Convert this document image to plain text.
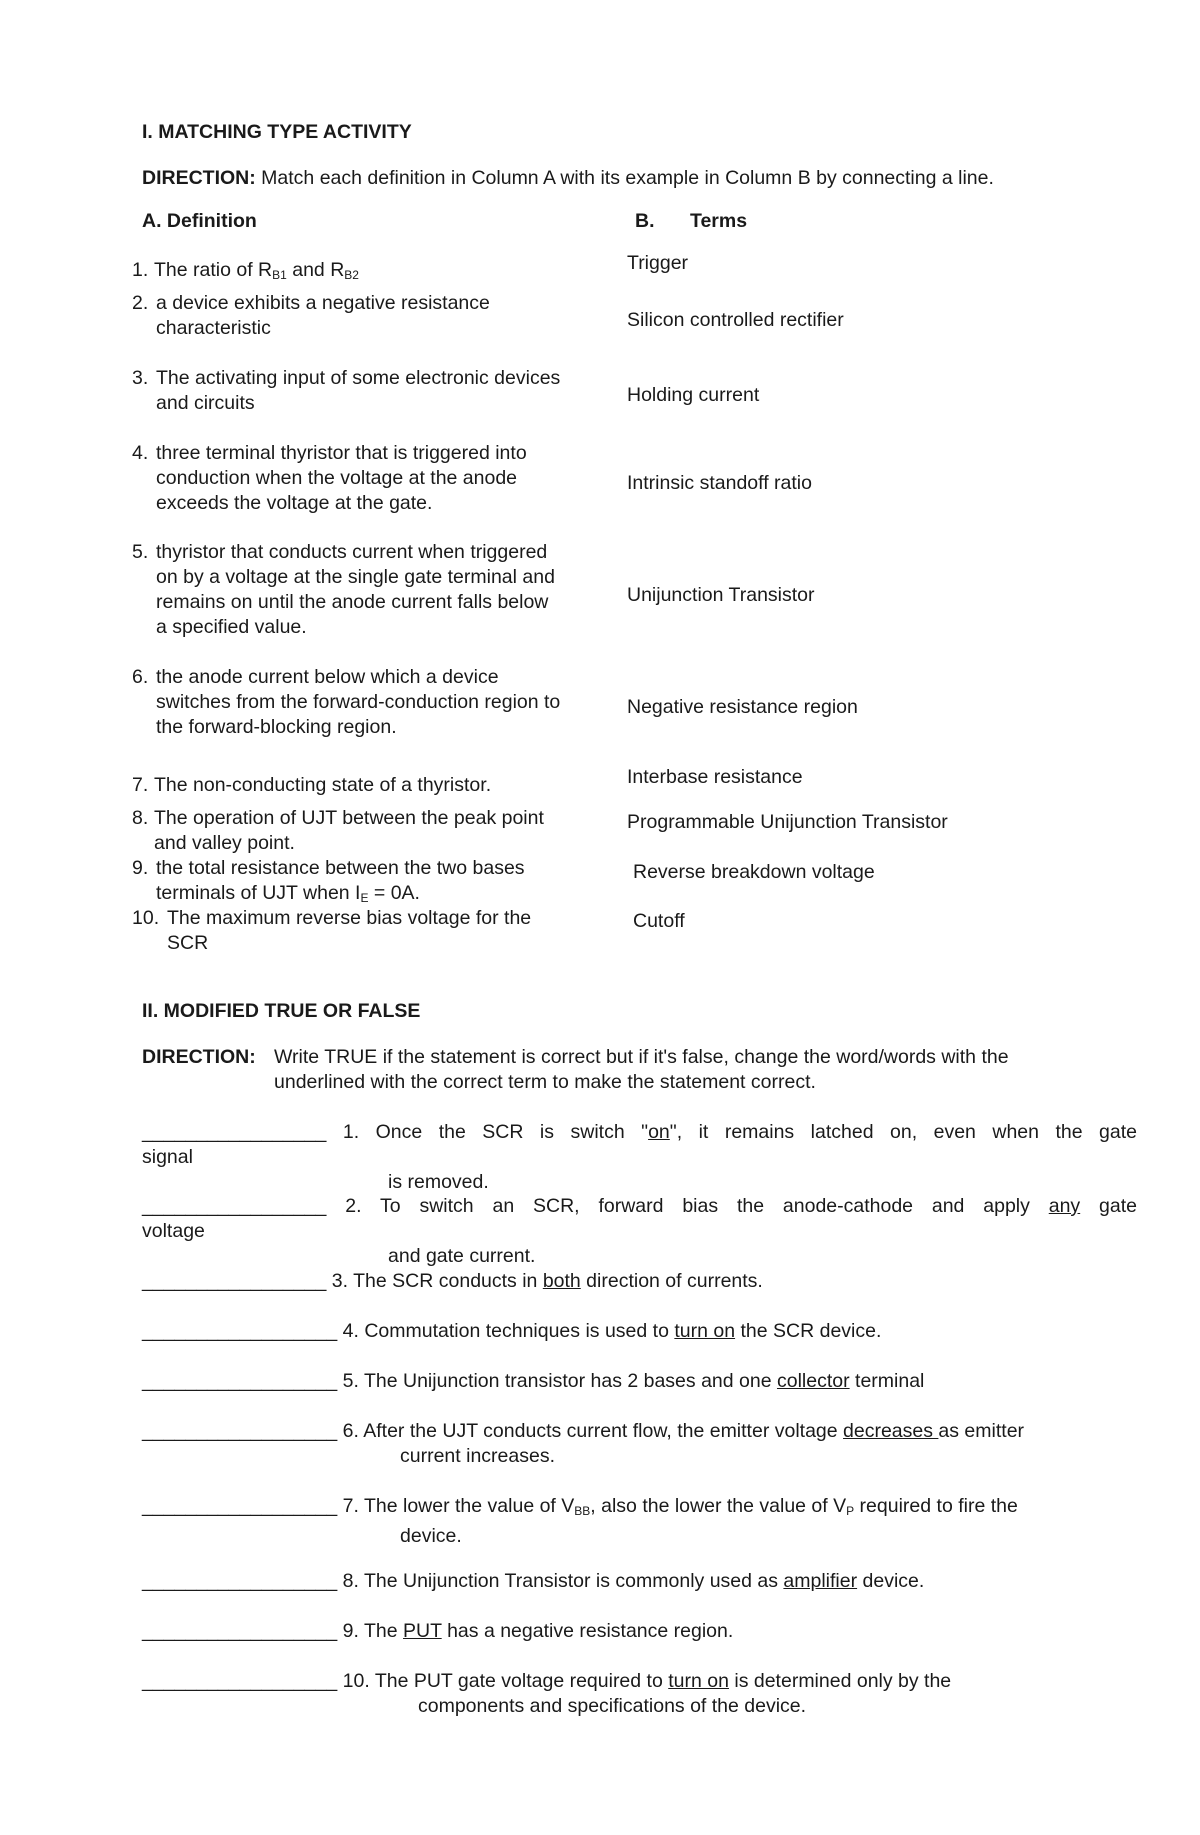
I. MATCHING TYPE ACTIVITY
DIRECTION: Match each definition in Column A with its example in Column B by connecting a line.
A. Definition	B. Terms
1. The ratio of $R_{B1}$ and $R_{B2}$
2. a device exhibits a negative resistance
characteristic
3. The activating input of some electronic devices
and circuits
4. three terminal thyristor that is triggered into
conduction when the voltage at the anode
exceeds the voltage at the gate.
5. thyristor that conducts current when triggered
on by a voltage at the single gate terminal and
remains on until the anode current falls below
a specified value.
6. the anode current below which a device
switches from the forward-conduction region to
the forward-blocking region.
7. The non-conducting state of a thyristor.
8. The operation of UJT between the peak point
and valley point.
9. the total resistance between the two bases
terminals of UJT when $I_E = 0A$.
10. The maximum reverse bias voltage for the
SCR
Trigger
Silicon controlled rectifier
Holding current
Intrinsic standoff ratio
Unijunction Transistor
Negative resistance region
Interbase resistance
Programmable Unijunction Transistor
Reverse breakdown voltage
Cutoff
II. MODIFIED TRUE OR FALSE
DIRECTION: Write TRUE if the statement is correct but if it's false, change the word/words with the
underlined with the correct term to make the statement correct.
_________________ 1. Once the SCR is switch "on", it remains latched on, even when the gate
signal
is removed.
_________________ 2. To switch an SCR, forward bias the anode-cathode and apply any gate
voltage
and gate current.
_________________ 3. The SCR conducts in both direction of currents.
__________________ 4. Commutation techniques is used to turn on the SCR device.
__________________ 5. The Unijunction transistor has 2 bases and one collector terminal
__________________ 6. After the UJT conducts current flow, the emitter voltage decreases as emitter
current increases.
__________________ 7. The lower the value of $V_{BB}$, also the lower the value of $V_P$ required to fire the
device.
__________________ 8. The Unijunction Transistor is commonly used as amplifier device.
__________________ 9. The PUT has a negative resistance region.
__________________ 10. The PUT gate voltage required to turn on is determined only by the
components and specifications of the device.
